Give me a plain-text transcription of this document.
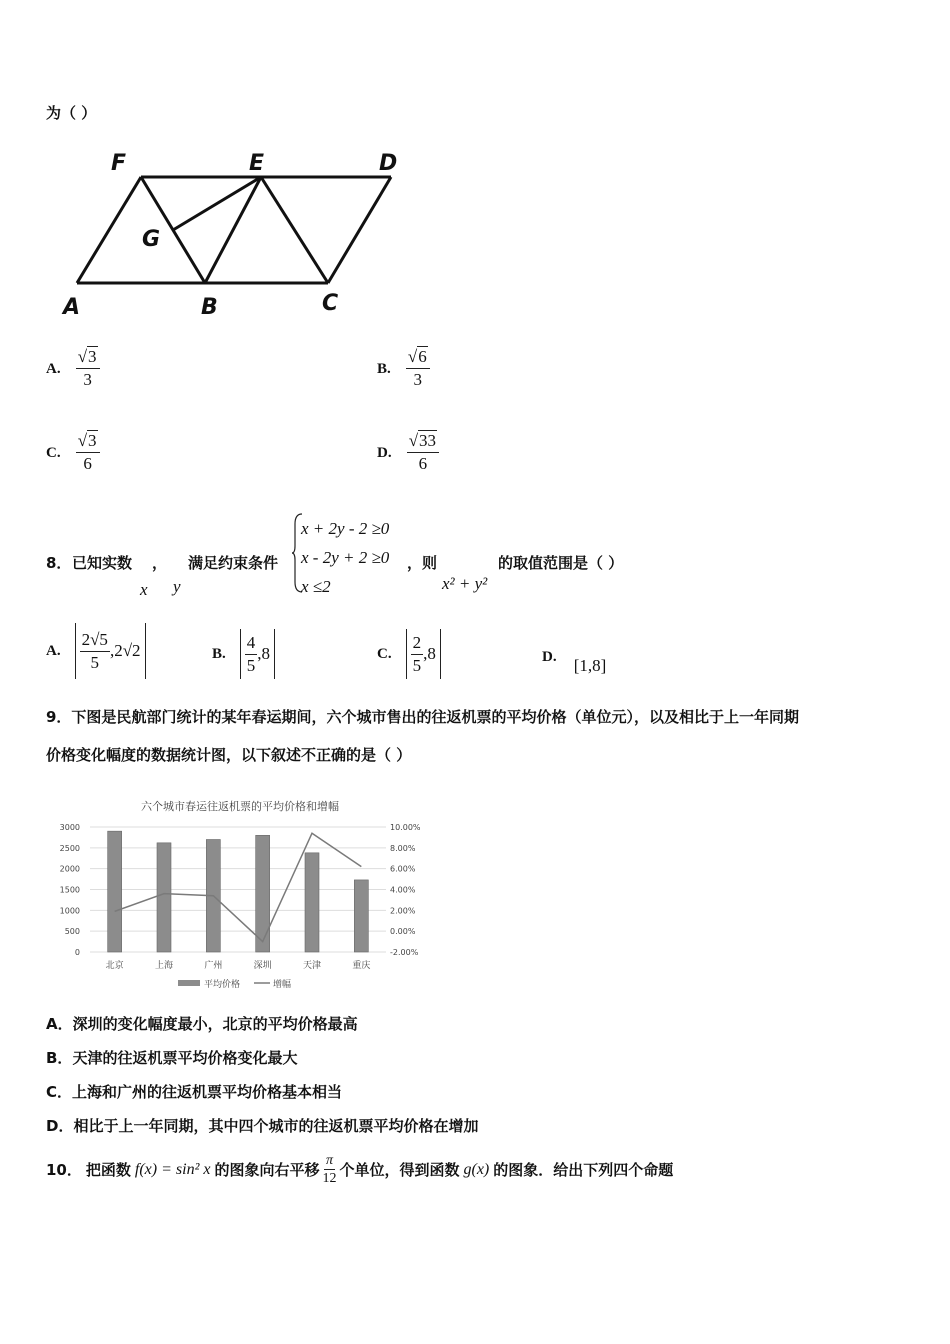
为（ ）
F	E	D
G
A	B	C
A. $\frac{√3}{3}$	B. $\frac{√6}{3}$
C. $\frac{√3}{6}$	D. $\frac{√33}{6}$
8． 已知实数 ， 满足约束条件
x y
x + 2y - 2 ≥0
x - 2y + 2 ≥0
x ≤2
，则
x² + y²
的取值范围是（ ）
A. $\frac{2√5}{5}$ , 2√2	B. $\frac{4}{5}$ , 8	C. $\frac{2}{5}$ , 8	D. [1,8]
9．下图是民航部门统计的某年春运期间，六个城市售出的往返机票的平均价格（单位元），以及相比于上一年同期
价格变化幅度的数据统计图，以下叙述不正确的是（ ）
六个城市春运往返机票的平均价格和增幅
3000
2500
2000
1500
1000
500
0
10.00%
8.00%
6.00%
4.00%
2.00%
0.00%
-2.00%
北京	上海	广州	深圳	天津	重庆
平均价格	增幅
A．深圳的变化幅度最小，北京的平均价格最高
B．天津的往返机票平均价格变化最大
C．上海和广州的往返机票平均价格基本相当
D．相比于上一年同期，其中四个城市的往返机票平均价格在增加
10． 把函数 f(x) = sin² x 的图象向右平移 $\frac{\pi}{12}$ 个单位，得到函数 g(x) 的图象．给出下列四个命题
